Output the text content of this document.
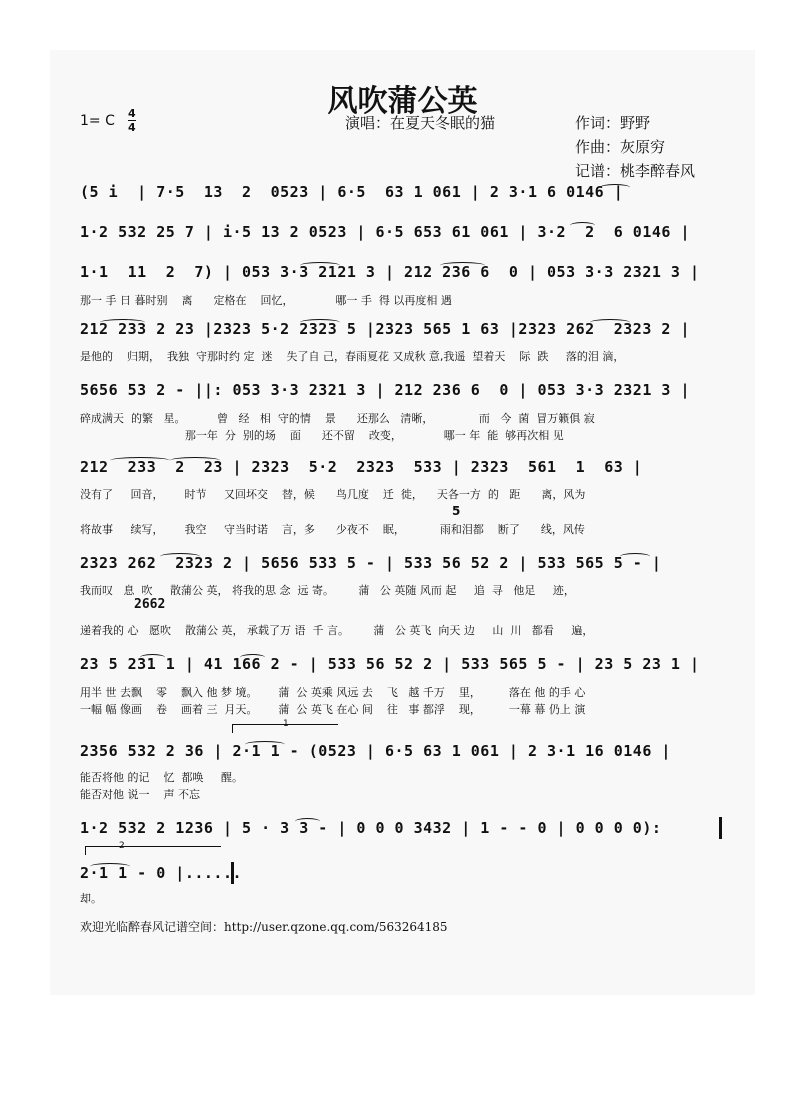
风吹蒲公英
1= C 4
4	演唱：在夏天冬眠的猫	作词：野野
作曲：灰原穷
记谱：桃李醉春风
(5 i  | 7·5  13  2  0523 | 6·5  63 1 061 | 2 3·1 6 0146 |
1·2 532 25 7 | i·5 13 2 0523 | 6·5 653 61 061 | 3·2  2  6 0146 |
1·1  11  2  7) | 053 3·3 2121 3 | 212 236 6  0 | 053 3·3 2321 3 |
那一 手 日 暮时别    离      定格在    回忆，            哪一 手  得 以再度相 遇
212 233 2 23 |2323 5·2 2323 5 |2323 565 1 63 |2323 262  2323 2 |
是他的    归期，  我独  守那时约 定  迷    失了自 己，春雨夏花 又成秋 意,我遥  望着天    际  跌     落的泪 滴，
5656 53 2 - ||: 053 3·3 2321 3 | 212 236 6  0 | 053 3·3 2321 3 |
碎成满天  的繁   星。         曾   经   相  守的情    景      还那么   清晰，             而   今  菌  冒万籁俱 寂
那一年  分  别的场    面      还不留    改变，            哪一 年  能  够再次相 见
212  233  2  23 | 2323  5·2  2323  533 | 2323  561  1  63 |
没有了     回音，      时节     又回坏交    替，候      鸟几度    迁  徙，    天各一方  的   距      离，风为
5
将故事     续写，      我空     守当时诺    言，多      少夜不    眠，          雨和泪都    断了      线，风传
2323 262  2323 2 | 5656 533 5 - | 533 56 52 2 | 533 565 5 - |
我而叹   息  吹     散蒲公 英， 将我的思 念  远 寄。       蒲   公 英随 风而 起     追  寻   他足     迹，
2662
递着我的 心   愿吹    散蒲公 英， 承载了万 语  千 言。       蒲   公 英飞  向天 边     山  川   都看     遍，
23 5 231 1 | 41 166 2 - | 533 56 52 2 | 533 565 5 - | 23 5 23 1 |
用半 世 去飘    零    飘入 他 梦 境。      蒲  公 英乘 风远 去    飞   越 千万    里，        落在 他 的手 心
一幅 幅 像画    卷    画着 三  月天。      蒲  公 英飞 在心 间    往   事 都浮    现，        一幕 幕 仍上 演
1
2356 532 2 36 | 2·1 1 - (0523 | 6·5 63 1 061 | 2 3·1 16 0146 |
能否将他 的记    忆  都唤     醒。
能否对他 说一    声 不忘
1·2 532 2 1236 | 5 · 3 3 - | 0 0 0 3432 | 1 - - 0 | 0 0 0 0):
2
2·1 1 - 0 |......
却。
欢迎光临醉春风记谱空间：http://user.qzone.qq.com/563264185
